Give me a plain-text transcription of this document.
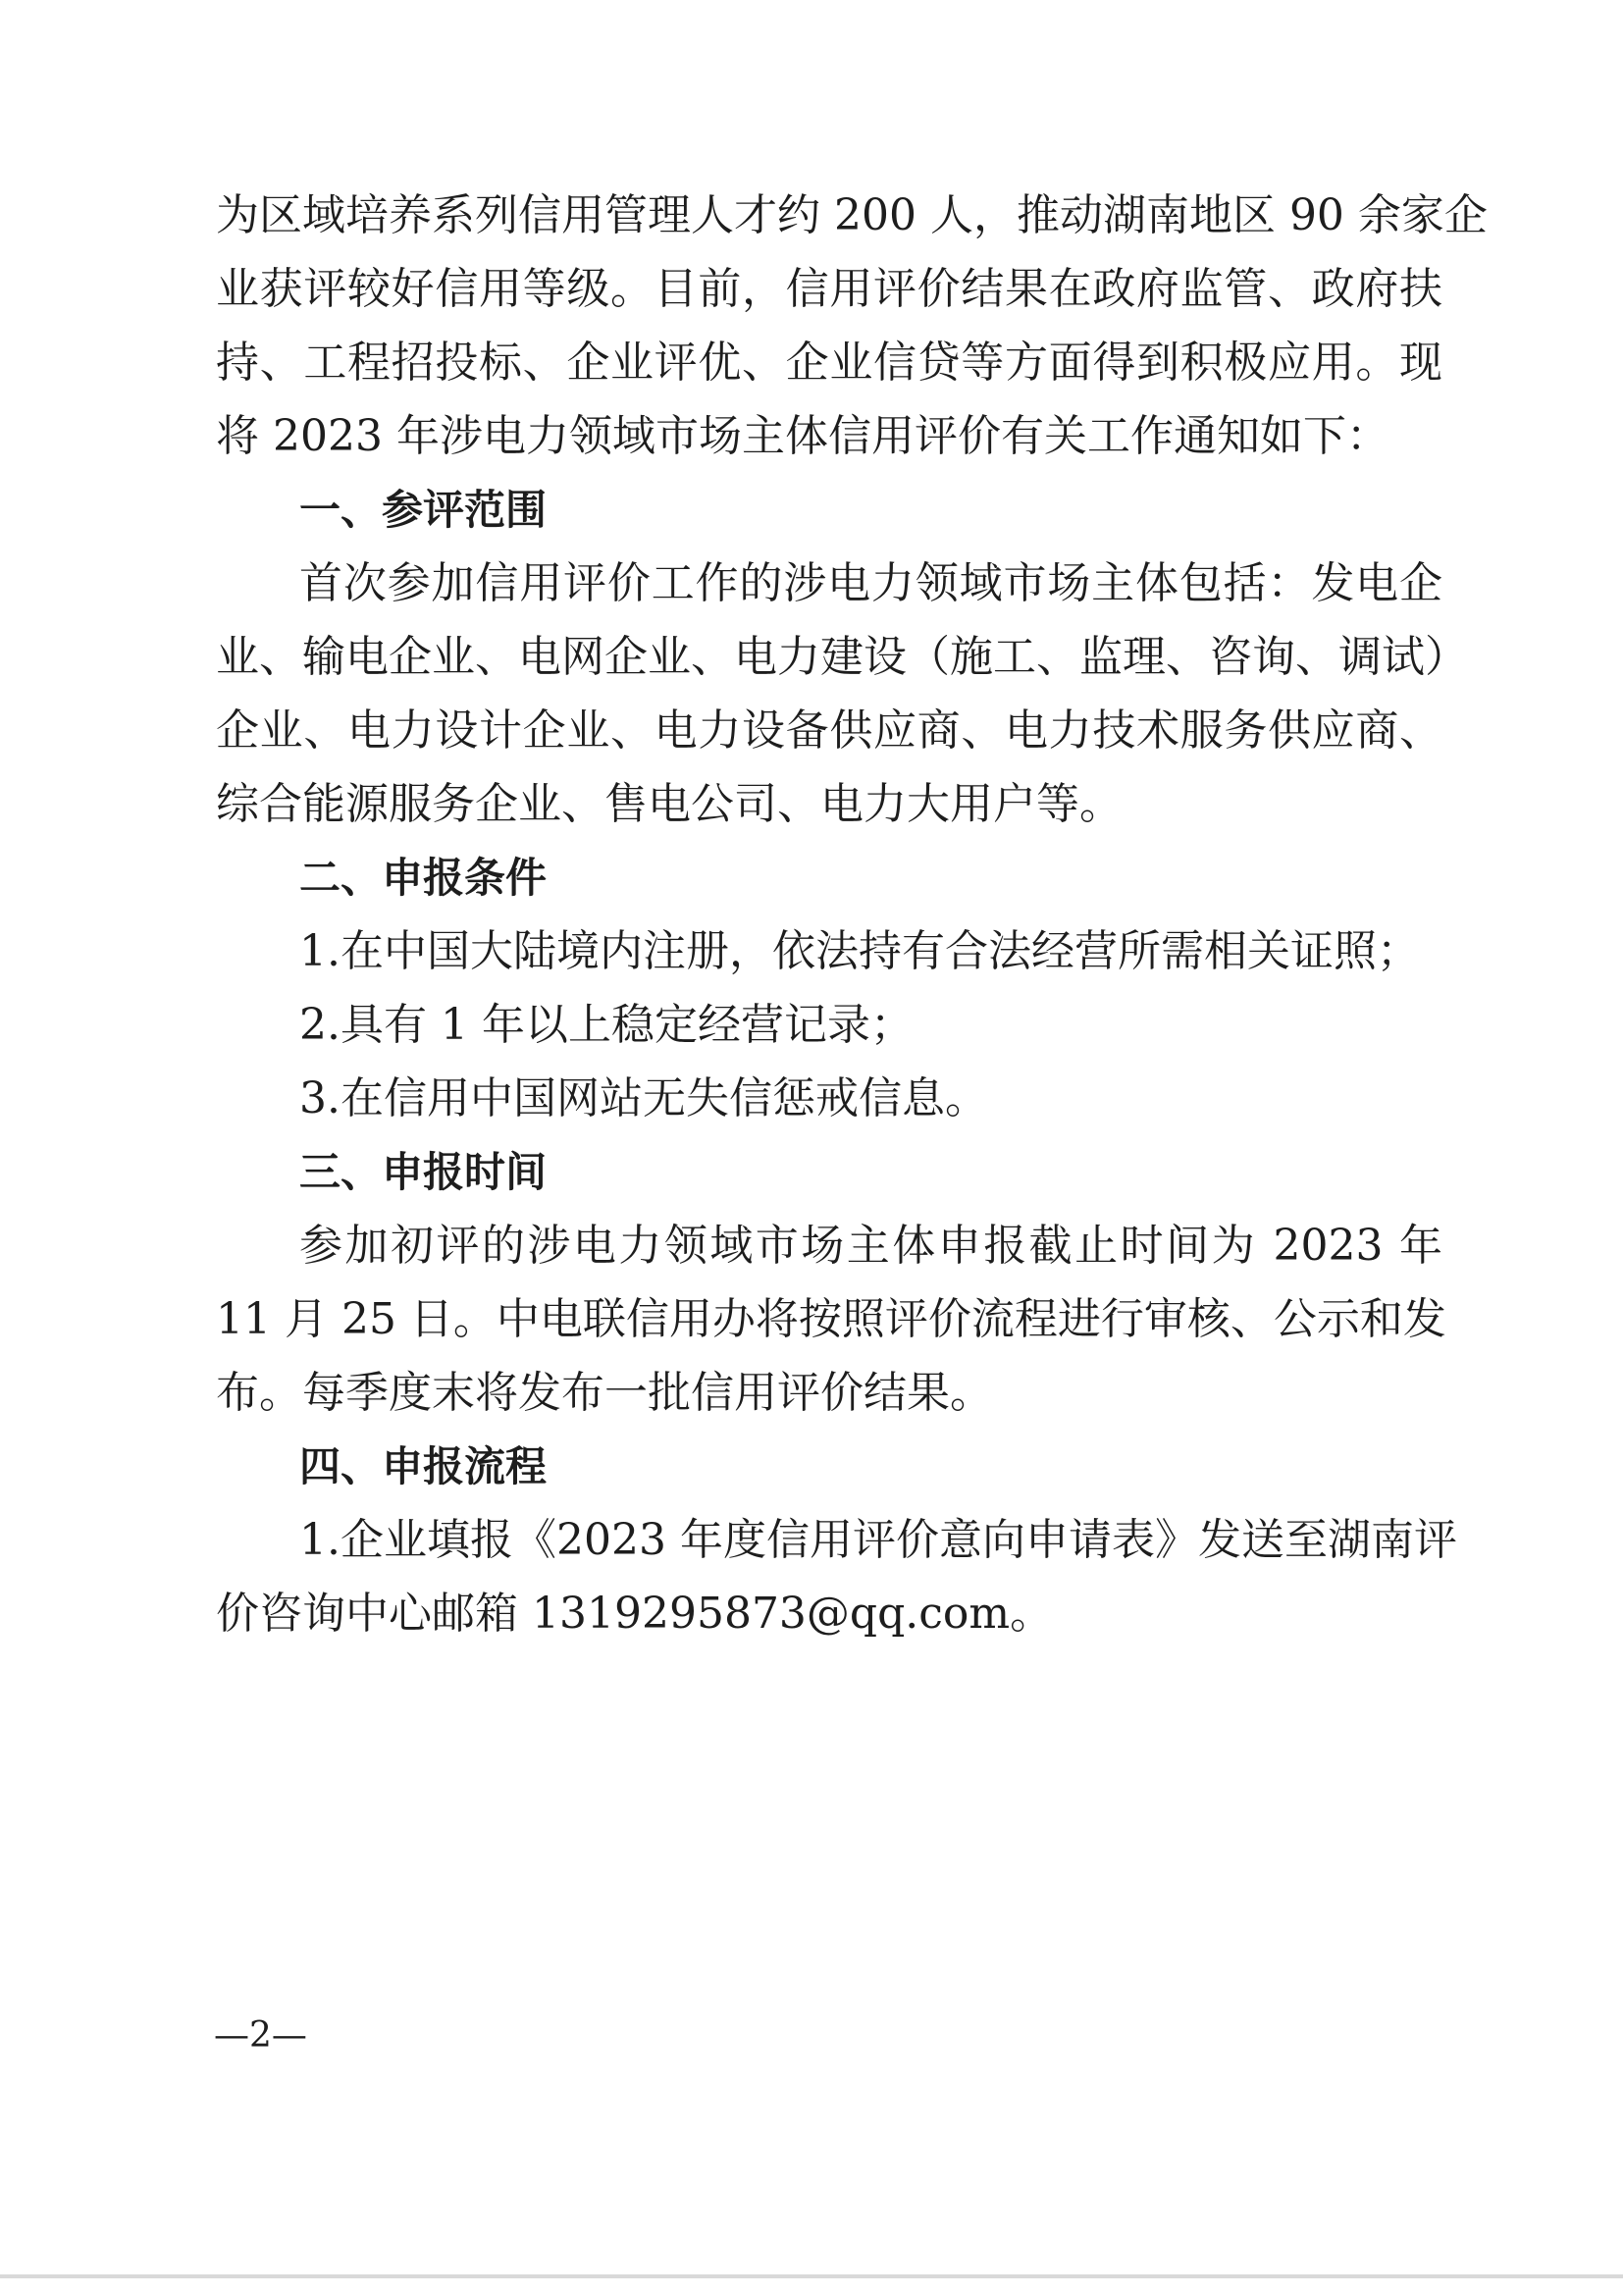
为区域培养系列信用管理人才约 200 人，推动湖南地区 90 余家企
业获评较好信用等级。目前，信用评价结果在政府监管、政府扶
持、工程招投标、企业评优、企业信贷等方面得到积极应用。现
将 2023 年涉电力领域市场主体信用评价有关工作通知如下：
一、参评范围
首次参加信用评价工作的涉电力领域市场主体包括：发电企
业、输电企业、电网企业、电力建设（施工、监理、咨询、调试）
企业、电力设计企业、电力设备供应商、电力技术服务供应商、
综合能源服务企业、售电公司、电力大用户等。
二、申报条件
1.在中国大陆境内注册，依法持有合法经营所需相关证照；
2.具有 1 年以上稳定经营记录；
3.在信用中国网站无失信惩戒信息。
三、申报时间
参加初评的涉电力领域市场主体申报截止时间为 2023 年
11 月 25 日。中电联信用办将按照评价流程进行审核、公示和发
布。每季度末将发布一批信用评价结果。
四、申报流程
1.企业填报《2023 年度信用评价意向申请表》发送至湖南评
价咨询中心邮箱 1319295873@qq.com。
—2—
